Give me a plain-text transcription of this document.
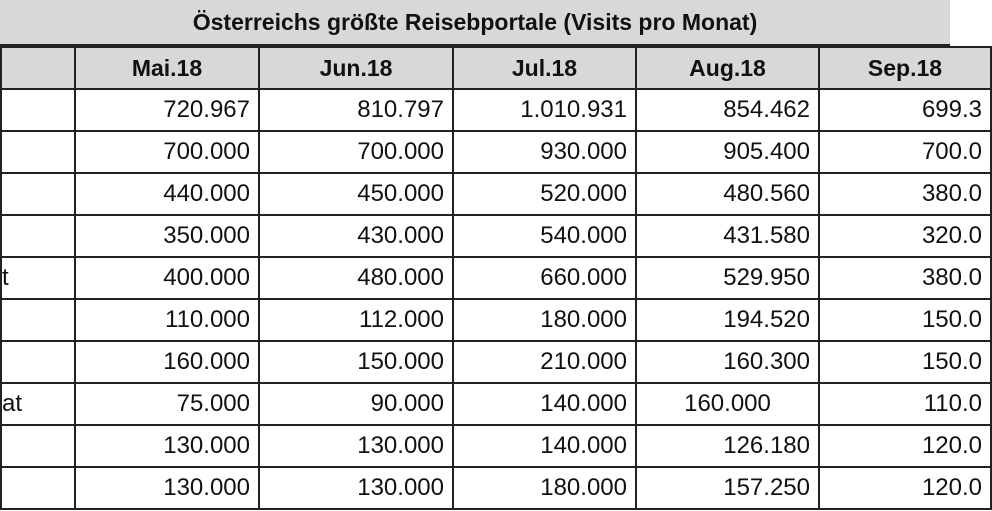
Österreichs größte Reisebportale (Visits pro Monat)
	Mai.18	Jun.18	Jul.18	Aug.18	Sep.18
	720.967	810.797	1.010.931	854.462	699.3
	700.000	700.000	930.000	905.400	700.0
	440.000	450.000	520.000	480.560	380.0
	350.000	430.000	540.000	431.580	320.0
t	400.000	480.000	660.000	529.950	380.0
	110.000	112.000	180.000	194.520	150.0
	160.000	150.000	210.000	160.300	150.0
at	75.000	90.000	140.000	160.000	110.0
	130.000	130.000	140.000	126.180	120.0
	130.000	130.000	180.000	157.250	120.0
